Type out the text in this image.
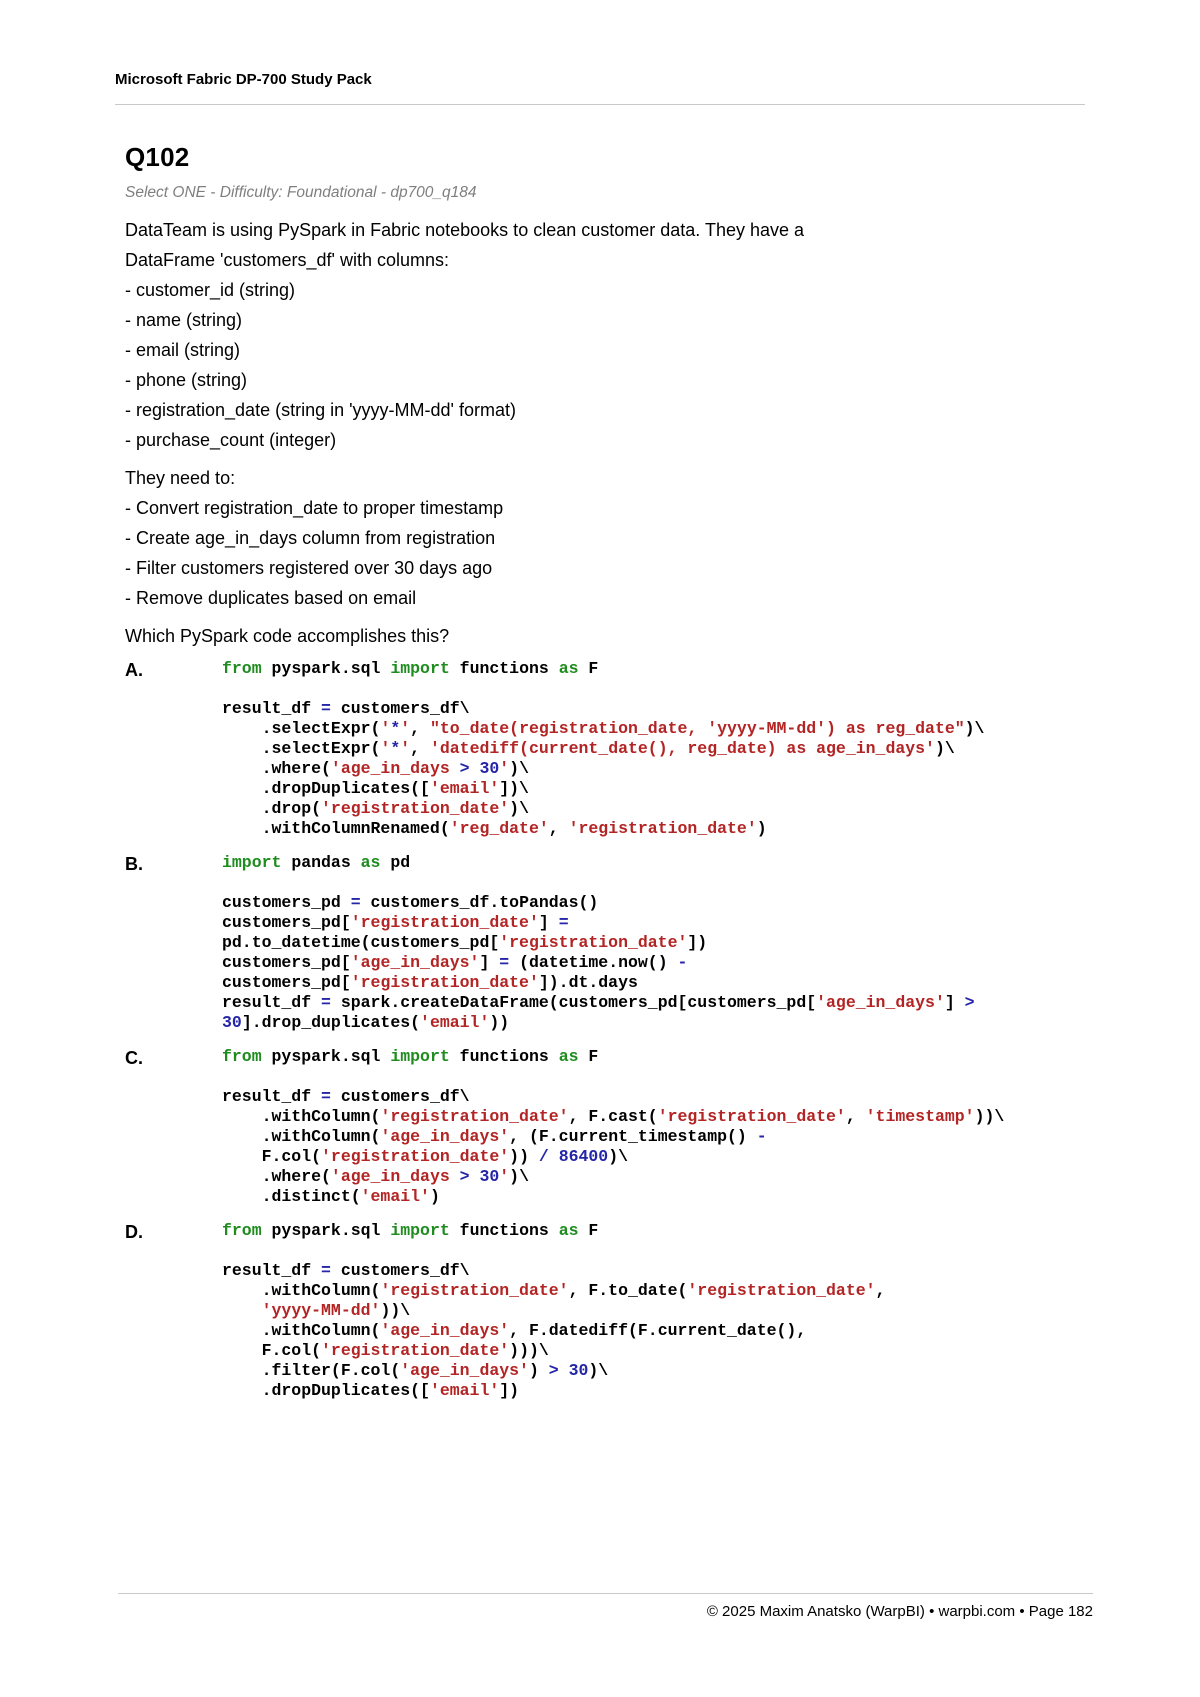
Microsoft Fabric DP-700 Study Pack
Q102
Select ONE - Difficulty: Foundational - dp700_q184
DataTeam is using PySpark in Fabric notebooks to clean customer data. They have a
DataFrame 'customers_df' with columns:
- customer_id (string)
- name (string)
- email (string)
- phone (string)
- registration_date (string in 'yyyy-MM-dd' format)
- purchase_count (integer)
They need to:
- Convert registration_date to proper timestamp
- Create age_in_days column from registration
- Filter customers registered over 30 days ago
- Remove duplicates based on email
Which PySpark code accomplishes this?
A.	from pyspark.sql import functions as F

result_df = customers_df\
.selectExpr('*', "to_date(registration_date, 'yyyy-MM-dd') as reg_date")\
.selectExpr('*', 'datediff(current_date(), reg_date) as age_in_days')\
.where('age_in_days > 30')\
.dropDuplicates(['email'])\
.drop('registration_date')\
.withColumnRenamed('reg_date', 'registration_date')
B.	import pandas as pd

customers_pd = customers_df.toPandas()
customers_pd['registration_date'] =
pd.to_datetime(customers_pd['registration_date'])
customers_pd['age_in_days'] = (datetime.now() -
customers_pd['registration_date']).dt.days
result_df = spark.createDataFrame(customers_pd[customers_pd['age_in_days'] >
30].drop_duplicates('email'))
C.	from pyspark.sql import functions as F

result_df = customers_df\
.withColumn('registration_date', F.cast('registration_date', 'timestamp'))\
.withColumn('age_in_days', (F.current_timestamp() -
F.col('registration_date')) / 86400)\
.where('age_in_days > 30')\
.distinct('email')
D.	from pyspark.sql import functions as F

result_df = customers_df\
.withColumn('registration_date', F.to_date('registration_date',
'yyyy-MM-dd'))\
.withColumn('age_in_days', F.datediff(F.current_date(),
F.col('registration_date')))\
.filter(F.col('age_in_days') > 30)\
.dropDuplicates(['email'])
© 2025 Maxim Anatsko (WarpBI) • warpbi.com • Page 182
